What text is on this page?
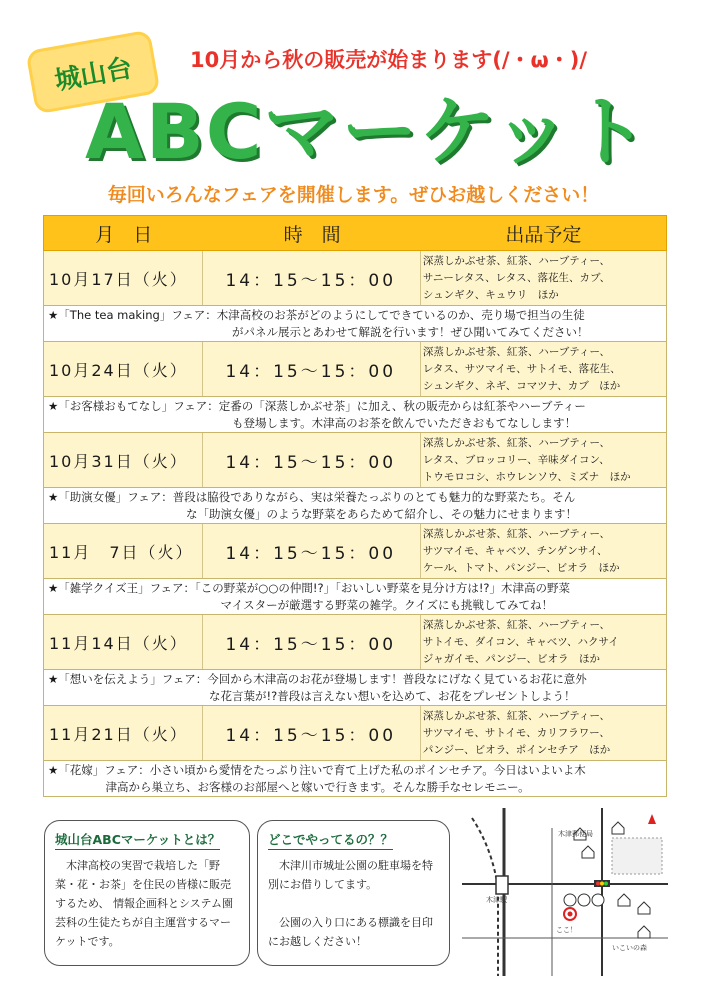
城山台	10月から秋の販売が始まります(/・ω・)/
ABCマーケット
毎回いろんなフェアを開催します。ぜひお越しください！
月　日	時　間	出品予定
10月17日（火）	14：15〜15：00
深蒸しかぶせ茶、紅茶、ハーブティー、
サニーレタス、レタス、落花生、カブ、
シュンギク、キュウリ　ほか
★「The tea making」フェア：木津高校のお茶がどのようにしてできているのか、売り場で担当の生徒
　　　　　　　　　　　　　　　　がパネル展示とあわせて解説を行います！ぜひ聞いてみてください！
10月24日（火）	14：15〜15：00
深蒸しかぶせ茶、紅茶、ハーブティー、
レタス、サツマイモ、サトイモ、落花生、
シュンギク、ネギ、コマツナ、カブ　ほか
★「お客様おもてなし」フェア：定番の「深蒸しかぶせ茶」に加え、秋の販売からは紅茶やハーブティー
　　　　　　　　　　　　　　　　も登場します。木津高のお茶を飲んでいただきおもてなしします！
10月31日（火）	14：15〜15：00
深蒸しかぶせ茶、紅茶、ハーブティー、
レタス、ブロッコリー、辛味ダイコン、
トウモロコシ、ホウレンソウ、ミズナ　ほか
★「助演女優」フェア：普段は脇役でありながら、実は栄養たっぷりのとても魅力的な野菜たち。そん
　　　　　　　　　　　　な「助演女優」のような野菜をあらためて紹介し、その魅力にせまります！
11月　7日（火）	14：15〜15：00
深蒸しかぶせ茶、紅茶、ハーブティー、
サツマイモ、キャベツ、チンゲンサイ、
ケール、トマト、パンジー、ビオラ　ほか
★「雑学クイズ王」フェア：「この野菜が○○の仲間!?」「おいしい野菜を見分け方は!?」木津高の野菜
　　　　　　　　　　　　　　　マイスターが厳選する野菜の雑学。クイズにも挑戦してみてね！
11月14日（火）	14：15〜15：00
深蒸しかぶせ茶、紅茶、ハーブティー、
サトイモ、ダイコン、キャベツ、ハクサイ
ジャガイモ、パンジー、ビオラ　ほか
★「想いを伝えよう」フェア：今回から木津高のお花が登場します！普段なにげなく見ているお花に意外
　　　　　　　　　　　　　　な花言葉が!?普段は言えない想いを込めて、お花をプレゼントしよう！
11月21日（火）	14：15〜15：00
深蒸しかぶせ茶、紅茶、ハーブティー、
サツマイモ、サトイモ、カリフラワー、
パンジー、ビオラ、ポインセチア　ほか
★「花嫁」フェア：小さい頃から愛情をたっぷり注いで育て上げた私のポインセチア。今日はいよいよ木
　　　　　津高から巣立ち、お客様のお部屋へと嫁いで行きます。そんな勝手なセレモニー。
城山台ABCマーケットとは？
　木津高校の実習で栽培した「野菜・花・お茶」を住民の皆様に販売するため、 情報企画科とシステム園芸科の生徒たちが自主運営するマーケットです。
どこでやってるの？？
　木津川市城址公園の駐車場を特別にお借りしてます。

　公園の入り口にある標識を目印にお越しください！
木津駅
木津郵便局
ここ！
いこいの森
